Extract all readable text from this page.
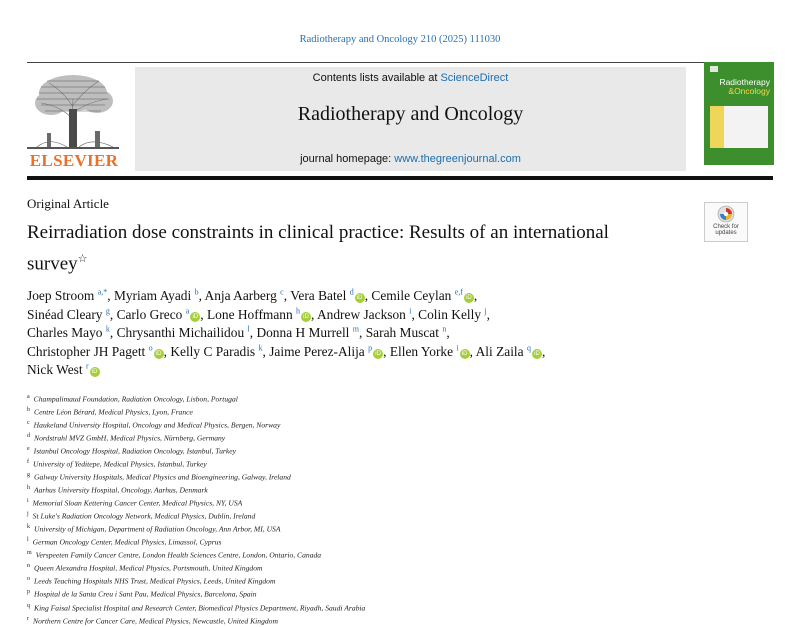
Radiotherapy and Oncology 210 (2025) 111030
ELSEVIER
Contents lists available at ScienceDirect
Radiotherapy and Oncology
journal homepage: www.thegreenjournal.com
Radiotherapy
&Oncology
Original Article
Check for updates
Reirradiation dose constraints in clinical practice: Results of an international survey☆
Joep Stroom $^{a,*}$, Myriam Ayadi $^b$, Anja Aarberg $^c$, Vera Batel $^d$iD , Cemile Ceylan $^{e,f}$iD ,
Sinéad Cleary $^g$, Carlo Greco $^a$iD , Lone Hoffmann $^h$iD , Andrew Jackson $^i$, Colin Kelly $^j$,
Charles Mayo $^k$, Chrysanthi Michailidou $^l$, Donna H Murrell $^m$, Sarah Muscat $^n$,
Christopher JH Pagett $^o$iD , Kelly C Paradis $^k$, Jaime Perez-Alija $^p$iD , Ellen Yorke $^i$iD , Ali Zaila $^q$iD ,
Nick West $^r$iD
$^a$ Champalimaud Foundation, Radiation Oncology, Lisbon, Portugal
$^b$ Centre Léon Bérard, Medical Physics, Lyon, France
$^c$ Haukeland University Hospital, Oncology and Medical Physics, Bergen, Norway
$^d$ Nordstrahl MVZ GmbH, Medical Physics, Nürnberg, Germany
$^e$ Istanbul Oncology Hospital, Radiation Oncology, Istanbul, Turkey
$^f$ University of Yeditepe, Medical Physics, Istanbul, Turkey
$^g$ Galway University Hospitals, Medical Physics and Bioengineering, Galway, Ireland
$^h$ Aarhus University Hospital, Oncology, Aarhus, Denmark
$^i$ Memorial Sloan Kettering Cancer Center, Medical Physics, NY, USA
$^j$ St Luke's Radiation Oncology Network, Medical Physics, Dublin, Ireland
$^k$ University of Michigan, Department of Radiation Oncology, Ann Arbor, MI, USA
$^l$ German Oncology Center, Medical Physics, Limassol, Cyprus
$^m$ Verspeeten Family Cancer Centre, London Health Sciences Centre, London, Ontario, Canada
$^n$ Queen Alexandra Hospital, Medical Physics, Portsmouth, United Kingdom
$^o$ Leeds Teaching Hospitals NHS Trust, Medical Physics, Leeds, United Kingdom
$^p$ Hospital de la Santa Creu i Sant Pau, Medical Physics, Barcelona, Spain
$^q$ King Faisal Specialist Hospital and Research Center, Biomedical Physics Department, Riyadh, Saudi Arabia
$^r$ Northern Centre for Cancer Care, Medical Physics, Newcastle, United Kingdom
